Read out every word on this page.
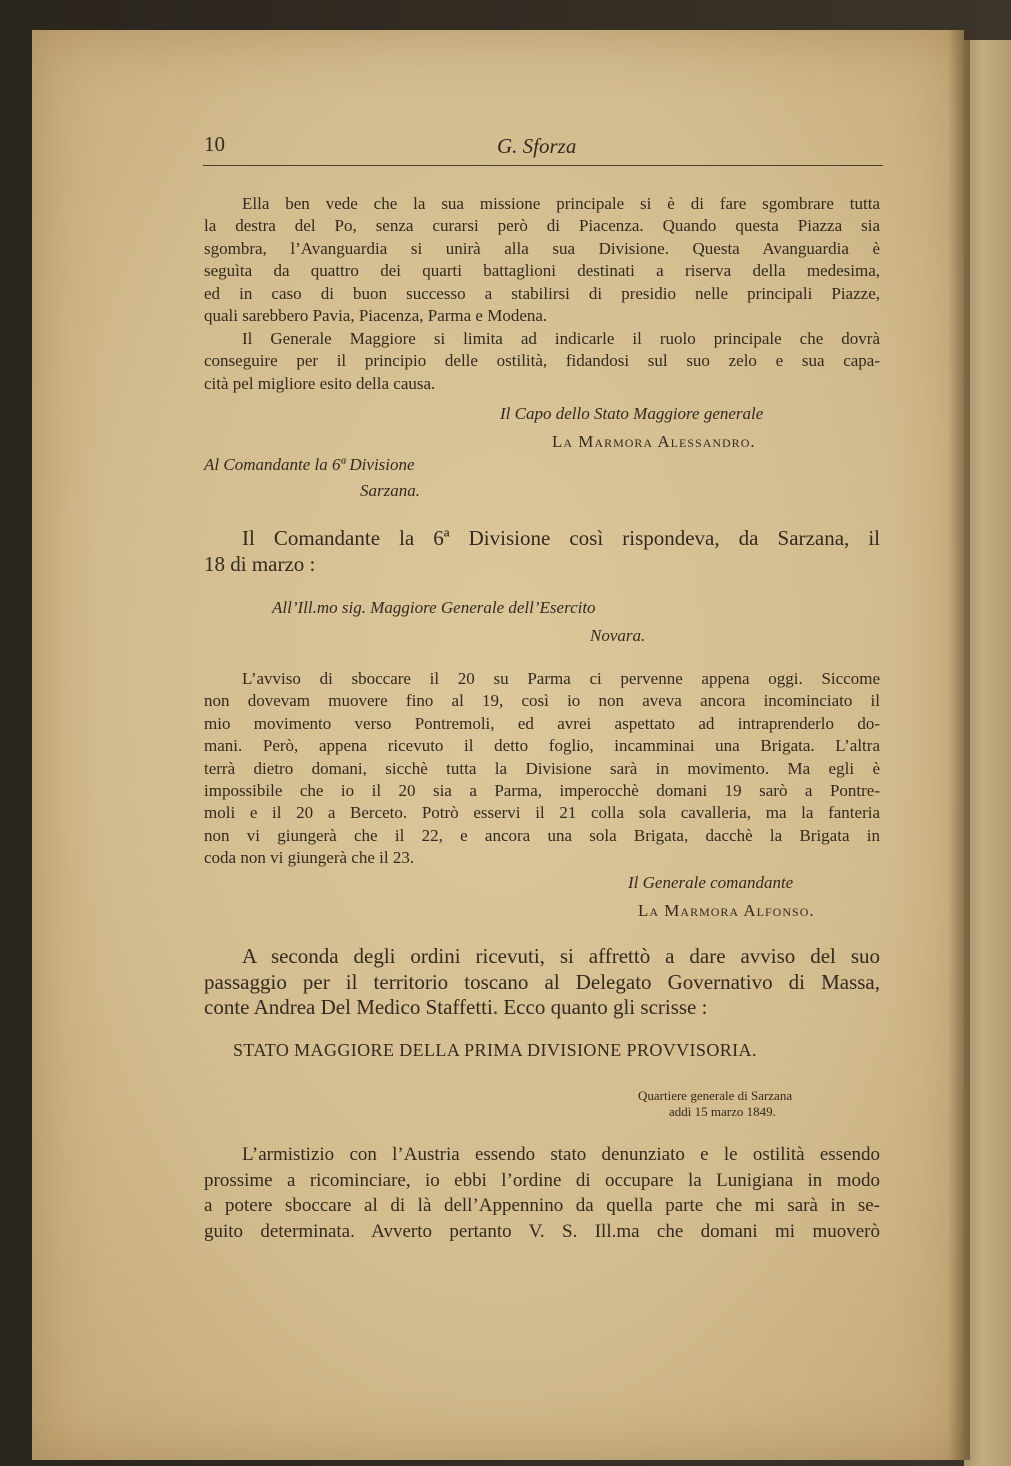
10	G. Sforza
Ella ben vede che la sua missione principale si è di fare sgombrare tutta
la destra del Po, senza curarsi però di Piacenza. Quando questa Piazza sia
sgombra, l’Avanguardia si unirà alla sua Divisione. Questa Avanguardia è
seguìta da quattro dei quarti battaglioni destinati a riserva della medesima,
ed in caso di buon successo a stabilirsi di presidio nelle principali Piazze,
quali sarebbero Pavia, Piacenza, Parma e Modena.
Il Generale Maggiore si limita ad indicarle il ruolo principale che dovrà
conseguire per il principio delle ostilità, fidandosi sul suo zelo e sua capa-
cità pel migliore esito della causa.
Il Capo dello Stato Maggiore generale
La Marmora Alessandro.
Al Comandante la 6ª Divisione
Sarzana.
Il Comandante la 6ª Divisione così rispondeva, da Sarzana, il
18 di marzo :
All’Ill.mo sig. Maggiore Generale dell’Esercito
Novara.
L’avviso di sboccare il 20 su Parma ci pervenne appena oggi. Siccome
non dovevam muovere fino al 19, così io non aveva ancora incominciato il
mio movimento verso Pontremoli, ed avrei aspettato ad intraprenderlo do-
mani. Però, appena ricevuto il detto foglio, incamminai una Brigata. L’altra
terrà dietro domani, sicchè tutta la Divisione sarà in movimento. Ma egli è
impossibile che io il 20 sia a Parma, imperocchè domani 19 sarò a Pontre-
moli e il 20 a Berceto. Potrò esservi il 21 colla sola cavalleria, ma la fanteria
non vi giungerà che il 22, e ancora una sola Brigata, dacchè la Brigata in
coda non vi giungerà che il 23.
Il Generale comandante
La Marmora Alfonso.
A seconda degli ordini ricevuti, si affrettò a dare avviso del suo
passaggio per il territorio toscano al Delegato Governativo di Massa,
conte Andrea Del Medico Staffetti. Ecco quanto gli scrisse :
STATO MAGGIORE DELLA PRIMA DIVISIONE PROVVISORIA.
Quartiere generale di Sarzana
addì 15 marzo 1849.
L’armistizio con l’Austria essendo stato denunziato e le ostilità essendo
prossime a ricominciare, io ebbi l’ordine di occupare la Lunigiana in modo
a potere sboccare al di là dell’Appennino da quella parte che mi sarà in se-
guito determinata. Avverto pertanto V. S. Ill.ma che domani mi muoverò
